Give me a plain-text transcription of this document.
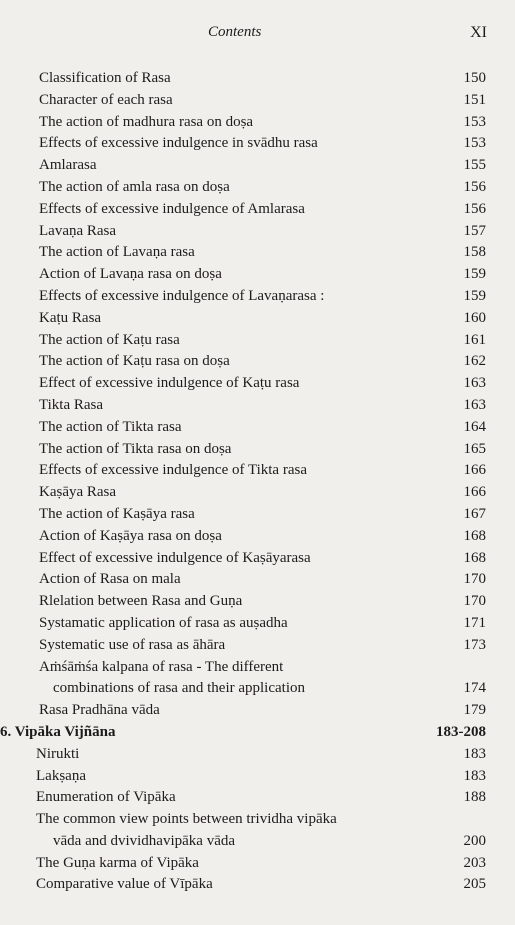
Contents	XI
Classification of Rasa	150
Character of each rasa	151
The action of madhura rasa on doṣa	153
Effects of excessive indulgence in svādhu rasa	153
Amlarasa	155
The action of amla rasa on doṣa	156
Effects of excessive indulgence of Amlarasa	156
Lavaṇa Rasa	157
The action of Lavaṇa rasa	158
Action of Lavaṇa rasa on doṣa	159
Effects of excessive indulgence of Lavaṇarasa :	159
Kaṭu Rasa	160
The action of Kaṭu rasa	161
The action of Kaṭu rasa on doṣa	162
Effect of excessive indulgence of Kaṭu rasa	163
Tikta Rasa	163
The action of Tikta rasa	164
The action of Tikta rasa on doṣa	165
Effects of excessive indulgence of Tikta rasa	166
Kaṣāya Rasa	166
The action of Kaṣāya rasa	167
Action of Kaṣāya rasa on doṣa	168
Effect of excessive indulgence of Kaṣāyarasa	168
Action of Rasa on mala	170
Rlelation between Rasa and Guṇa	170
Systamatic application of rasa as auṣadha	171
Systematic use of rasa as āhāra	173
Aṁśāṁśa kalpana of rasa - The different
combinations of rasa and their application	174
Rasa Pradhāna vāda	179
6. Vipāka Vijñāna	183-208
Nirukti	183
Lakṣaṇa	183
Enumeration of Vipāka	188
The common view points between trividha vipāka
vāda and dvividhavipāka vāda	200
The Guṇa karma of Vipāka	203
Comparative value of Vīpāka	205
